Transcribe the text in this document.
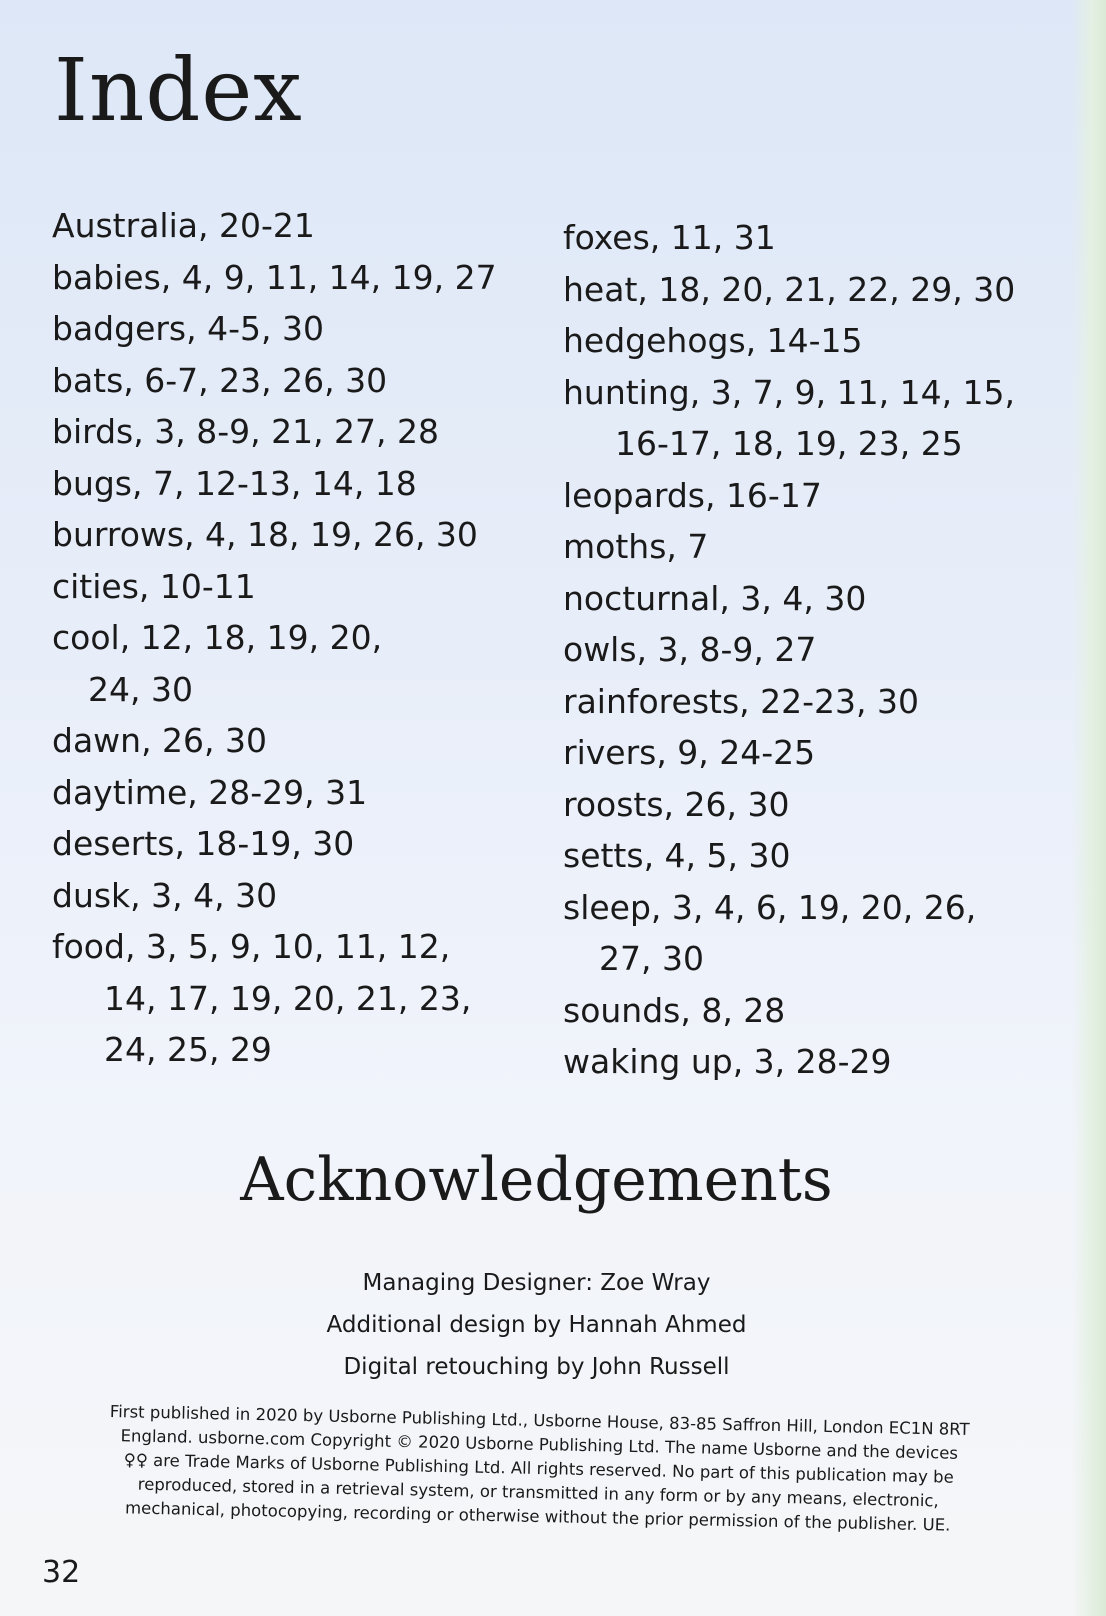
Index
Australia, 20-21
babies, 4, 9, 11, 14, 19, 27
badgers, 4-5, 30
bats, 6-7, 23, 26, 30
birds, 3, 8-9, 21, 27, 28
bugs, 7, 12-13, 14, 18
burrows, 4, 18, 19, 26, 30
cities, 10-11
cool, 12, 18, 19, 20, 24, 30
dawn, 26, 30
daytime, 28-29, 31
deserts, 18-19, 30
dusk, 3, 4, 30
food, 3, 5, 9, 10, 11, 12, 14, 17, 19, 20, 21, 23, 24, 25, 29
foxes, 11, 31
heat, 18, 20, 21, 22, 29, 30
hedgehogs, 14-15
hunting, 3, 7, 9, 11, 14, 15, 16-17, 18, 19, 23, 25
leopards, 16-17
moths, 7
nocturnal, 3, 4, 30
owls, 3, 8-9, 27
rainforests, 22-23, 30
rivers, 9, 24-25
roosts, 26, 30
setts, 4, 5, 30
sleep, 3, 4, 6, 19, 20, 26, 27, 30
sounds, 8, 28
waking up, 3, 28-29
Acknowledgements
Managing Designer: Zoe Wray
Additional design by Hannah Ahmed
Digital retouching by John Russell

First published in 2020 by Usborne Publishing Ltd., Usborne House, 83-85 Saffron Hill, London EC1N 8RT England. usborne.com Copyright © 2020 Usborne Publishing Ltd. The name Usborne and the devices ♀♀ are Trade Marks of Usborne Publishing Ltd. All rights reserved. No part of this publication may be reproduced, stored in a retrieval system, or transmitted in any form or by any means, electronic, mechanical, photocopying, recording or otherwise without the prior permission of the publisher. UE.

32
